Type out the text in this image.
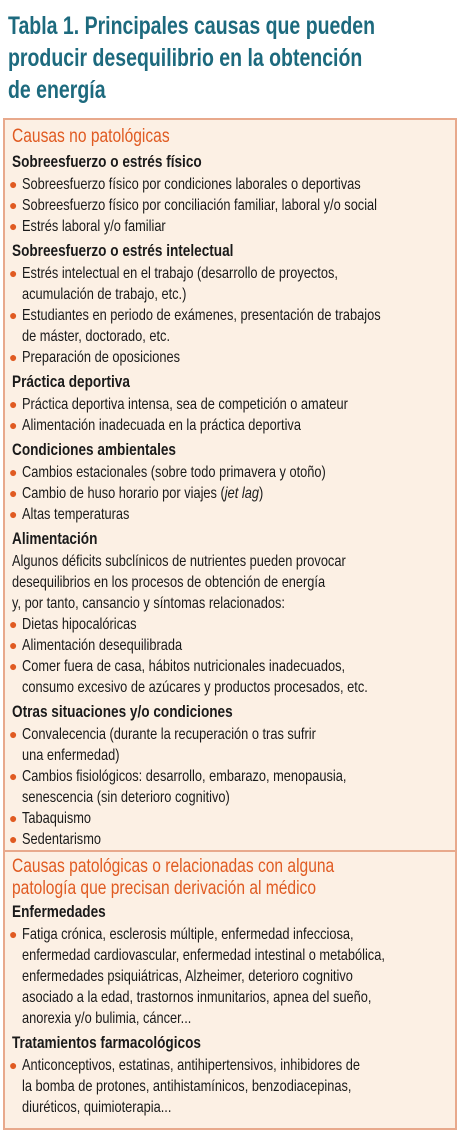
Tabla 1. Principales causas que pueden
producir desequilibrio en la obtención
de energía

Causas no patológicas

Sobreesfuerzo o estrés físico

● Sobreesfuerzo físico por condiciones laborales o deportivas

● Sobreesfuerzo físico por conciliación familiar, laboral y/o social

● Estrés laboral y/o familiar

Sobreesfuerzo o estrés intelectual

● Estrés intelectual en el trabajo (desarrollo de proyectos,

acumulación de trabajo, etc.)

● Estudiantes en periodo de exámenes, presentación de trabajos

de máster, doctorado, etc.

● Preparación de oposiciones

Práctica deportiva

● Práctica deportiva intensa, sea de competición o amateur

● Alimentación inadecuada en la práctica deportiva

Condiciones ambientales

● Cambios estacionales (sobre todo primavera y otoño)

● Cambio de huso horario por viajes (jet lag)

● Altas temperaturas

Alimentación

Algunos déficits subclínicos de nutrientes pueden provocar

desequilibrios en los procesos de obtención de energía

y, por tanto, cansancio y síntomas relacionados:

● Dietas hipocalóricas

● Alimentación desequilibrada

● Comer fuera de casa, hábitos nutricionales inadecuados,

consumo excesivo de azúcares y productos procesados, etc.

Otras situaciones y/o condiciones

● Convalecencia (durante la recuperación o tras sufrir

una enfermedad)

● Cambios fisiológicos: desarrollo, embarazo, menopausia,

senescencia (sin deterioro cognitivo)

● Tabaquismo

● Sedentarismo

Causas patológicas o relacionadas con alguna
patología que precisan derivación al médico

Enfermedades

● Fatiga crónica, esclerosis múltiple, enfermedad infecciosa,

enfermedad cardiovascular, enfermedad intestinal o metabólica,

enfermedades psiquiátricas, Alzheimer, deterioro cognitivo

asociado a la edad, trastornos inmunitarios, apnea del sueño,

anorexia y/o bulimia, cáncer...

Tratamientos farmacológicos

● Anticonceptivos, estatinas, antihipertensivos, inhibidores de

la bomba de protones, antihistamínicos, benzodiacepinas,

diuréticos, quimioterapia...
